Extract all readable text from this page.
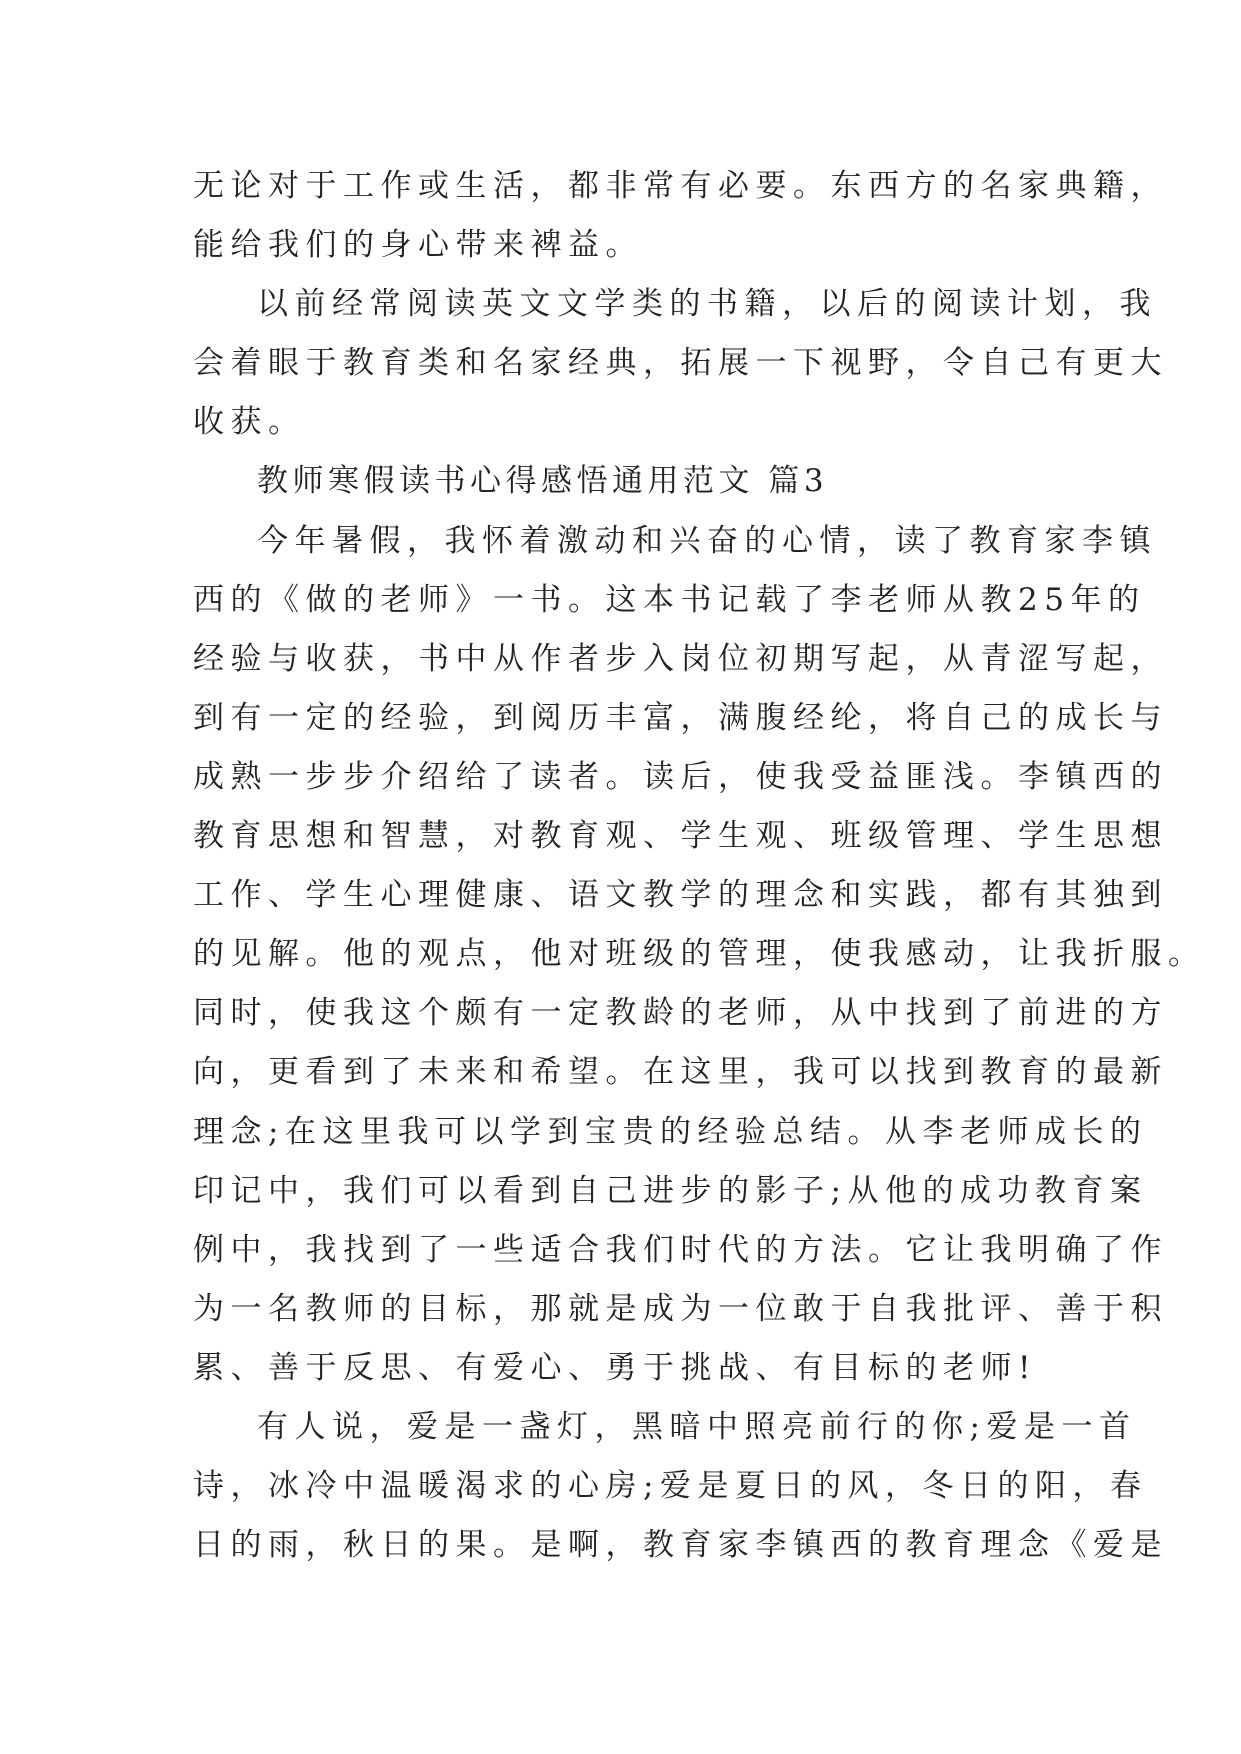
无论对于工作或生活，都非常有必要。东西方的名家典籍，
能给我们的身心带来裨益。
以前经常阅读英文文学类的书籍，以后的阅读计划，我
会着眼于教育类和名家经典，拓展一下视野，令自己有更大
收获。
教师寒假读书心得感悟通用范文 篇3
今年暑假，我怀着激动和兴奋的心情，读了教育家李镇
西的《做的老师》一书。这本书记载了李老师从教25年的
经验与收获，书中从作者步入岗位初期写起，从青涩写起，
到有一定的经验，到阅历丰富，满腹经纶，将自己的成长与
成熟一步步介绍给了读者。读后，使我受益匪浅。李镇西的
教育思想和智慧，对教育观、学生观、班级管理、学生思想
工作、学生心理健康、语文教学的理念和实践，都有其独到
的见解。他的观点，他对班级的管理，使我感动，让我折服。
同时，使我这个颇有一定教龄的老师，从中找到了前进的方
向，更看到了未来和希望。在这里，我可以找到教育的最新
理念;在这里我可以学到宝贵的经验总结。从李老师成长的
印记中，我们可以看到自己进步的影子;从他的成功教育案
例中，我找到了一些适合我们时代的方法。它让我明确了作
为一名教师的目标，那就是成为一位敢于自我批评、善于积
累、善于反思、有爱心、勇于挑战、有目标的老师!
有人说，爱是一盏灯，黑暗中照亮前行的你;爱是一首
诗，冰冷中温暖渴求的心房;爱是夏日的风，冬日的阳，春
日的雨，秋日的果。是啊，教育家李镇西的教育理念《爱是
